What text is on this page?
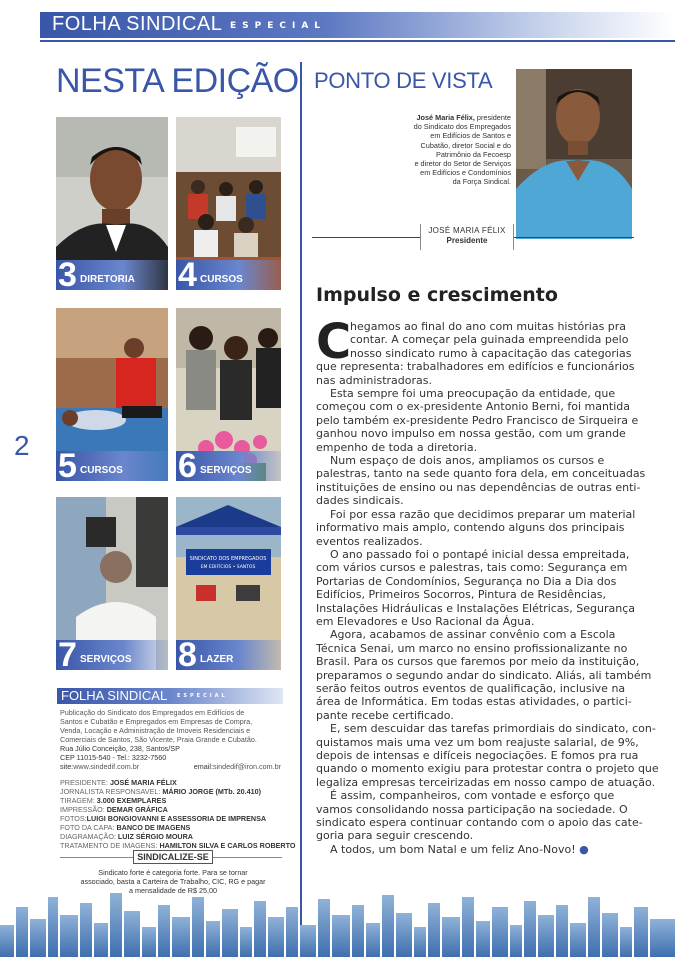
FOLHA SINDICAL ESPECIAL
2
NESTA EDIÇÃO
3 DIRETORIA 4 CURSOS
5 CURSOS 6 SERVIÇOS
7 SERVIÇOS
SINDICATO DOS EMPREGADOS
EM EDIFÍCIOS • SANTOS
8 LAZER
FOLHA SINDICAL ESPECIAL
Publicação do Sindicato dos Empregados em Edifícios de
Santos e Cubatão e Empregados em Empresas de Compra,
Venda, Locação e Administração de Imoveis Residenciais e
Comerciais de Santos, São Vicente, Praia Grande e Cubatão.
Rua Júlio Conceição, 238, Santos/SP
CEP 11015-540 - Tel.: 3232-7560
site:www.sindedif.com.br	email:sindedif@iron.com.br
PRESIDENTE: JOSÉ MARIA FÉLIX
JORNALISTA RESPONSAVEL: MÁRIO JORGE (MTb. 20.410)
TIRAGEM: 3.000 EXEMPLARES
IMPRESSÃO: DEMAR GRÁFICA
FOTOS:LUIGI BONGIOVANNI E ASSESSORIA DE IMPRENSA
FOTO DA CAPA: BANCO DE IMAGENS
DIAGRAMAÇÃO: LUIZ SÉRGIO MOURA
TRATAMENTO DE IMAGENS: HAMILTON SILVA E CARLOS ROBERTO
SINDICALIZE-SE
Sindicato forte é categoria forte. Para se tornar
associado, basta a Carteira de Trabalho, CIC, RG e pagar
a mensalidade de R$ 25,00
PONTO DE VISTA
José Maria Félix, presidente
do Sindicato dos Empregados
em Edifícios de Santos e
Cubatão, diretor Social e do
Patrimônio da Fecoesp
e diretor do Setor de Serviços
em Edifícios e Condomínios
da Força Sindical.
JOSÉ MARIA FÉLIX
Presidente
Impulso e crescimento
C
hegamos ao final do ano com muitas histórias pra
contar. A começar pela guinada empreendida pelo
nosso sindicato rumo à capacitação das categorias
que representa: trabalhadores em edifícios e funcionários
nas administradoras.
Esta sempre foi uma preocupação da entidade, que
começou com o ex-presidente Antonio Berni, foi mantida
pelo também ex-presidente Pedro Francisco de Sirqueira e
ganhou novo impulso em nossa gestão, com um grande
empenho de toda a diretoria.
Num espaço de dois anos, ampliamos os cursos e
palestras, tanto na sede quanto fora dela, em conceituadas
instituições de ensino ou nas dependências de outras enti-
dades sindicais.
Foi por essa razão que decidimos preparar um material
informativo mais amplo, contendo alguns dos principais
eventos realizados.
O ano passado foi o pontapé inicial dessa empreitada,
com vários cursos e palestras, tais como: Segurança em
Portarias de Condomínios, Segurança no Dia a Dia dos
Edifícios, Primeiros Socorros, Pintura de Residências,
Instalações Hidráulicas e Instalações Elétricas, Segurança
em Elevadores e Uso Racional da Água.
Agora, acabamos de assinar convênio com a Escola
Técnica Senai, um marco no ensino profissionalizante no
Brasil. Para os cursos que faremos por meio da instituição,
preparamos o segundo andar do sindicato. Aliás, ali também
serão feitos outros eventos de qualificação, inclusive na
área de Informática. Em todas estas atividades, o partici-
pante recebe certificado.
E, sem descuidar das tarefas primordiais do sindicato, con-
quistamos mais uma vez um bom reajuste salarial, de 9%,
depois de intensas e difíceis negociações. E fomos pra rua
quando o momento exigiu para protestar contra o projeto que
legaliza empresas terceirizadas em nosso campo de atuação.
É assim, companheiros, com vontade e esforço que
vamos consolidando nossa participação na sociedade. O
sindicato espera continuar contando com o apoio das cate-
goria para seguir crescendo.
A todos, um bom Natal e um feliz Ano-Novo! ●
